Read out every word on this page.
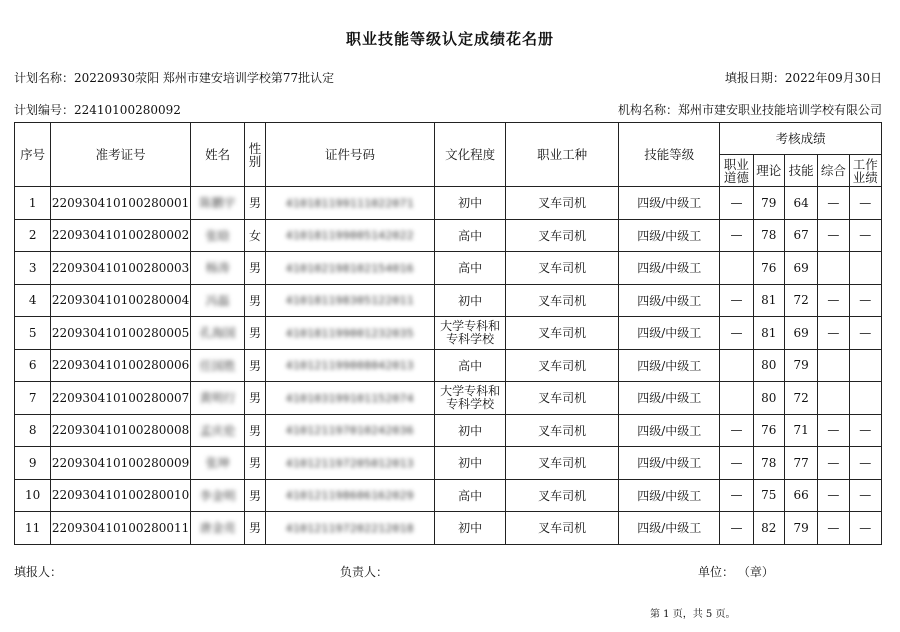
职业技能等级认定成绩花名册
计划名称：20220930荥阳 郑州市建安培训学校第77批认定	填报日期：2022年09月30日
计划编号：22410100280092	机构名称：郑州市建安职业技能培训学校有限公司
序号	准考证号	姓名	性别	证件号码	文化程度	职业工种	技能等级	考核成绩				
								职业道德	理论	技能	综合	工作业绩
1	220930410100280001	陈鹏宇	男	410181199111022071	初中	叉车司机	四级/中级工	—	79	64	—	—
2	220930410100280002	张晗	女	410181199005142022	高中	叉车司机	四级/中级工	—	78	67	—	—
3	220930410100280003	杨涛	男	410102198102154016	高中	叉车司机	四级/中级工		76	69		
4	220930410100280004	冯磊	男	410181198305122011	初中	叉车司机	四级/中级工	—	81	72	—	—
5	220930410100280005	孔海国	男	410181199001232035	大学专科和专科学校	叉车司机	四级/中级工	—	81	69	—	—
6	220930410100280006	任国胜	男	410121199008042013	高中	叉车司机	四级/中级工		80	79		
7	220930410100280007	黄明行	男	410103199101152074	大学专科和专科学校	叉车司机	四级/中级工		80	72		
8	220930410100280008	孟庆伦	男	410121197010242036	初中	叉车司机	四级/中级工	—	76	71	—	—
9	220930410100280009	张坤	男	410121197205012013	初中	叉车司机	四级/中级工	—	78	77	—	—
10	220930410100280010	李金明	男	410121198606162029	高中	叉车司机	四级/中级工	—	75	66	—	—
11	220930410100280011	唐金亮	男	410121197202212018	初中	叉车司机	四级/中级工	—	82	79	—	—
填报人：	负责人：	单位： （章）
第 1 页，共 5 页。
